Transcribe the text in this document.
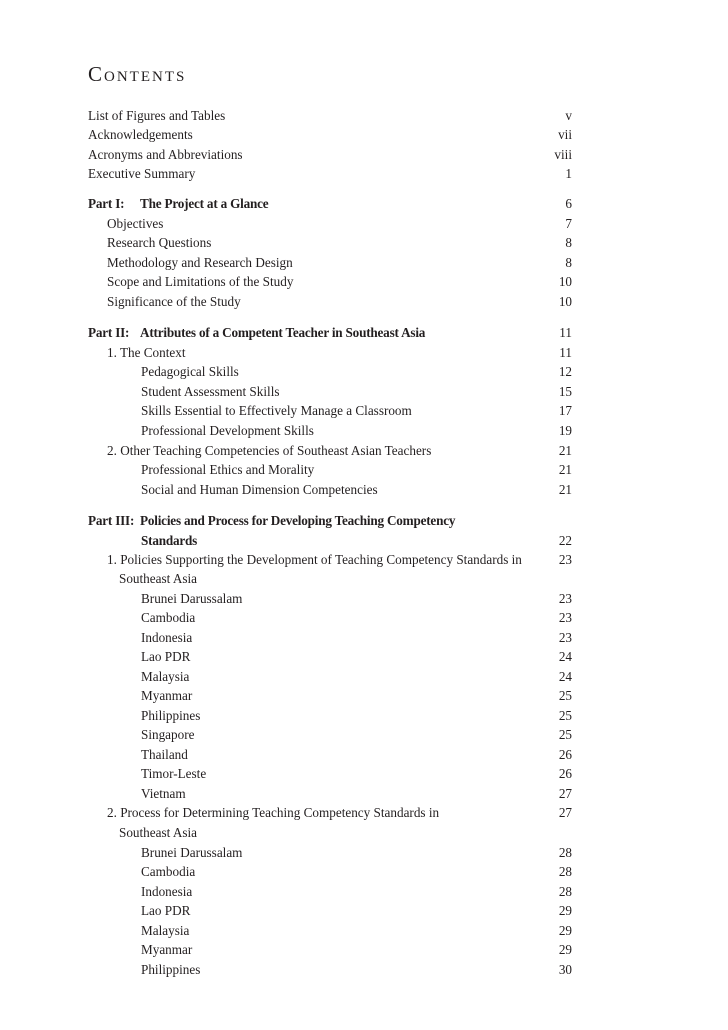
Contents
List of Figures and Tables	v
Acknowledgements	vii
Acronyms and Abbreviations	viii
Executive Summary	1
Part I: The Project at a Glance	6
Objectives	7
Research Questions	8
Methodology and Research Design	8
Scope and Limitations of the Study	10
Significance of the Study	10
Part II: Attributes of a Competent Teacher in Southeast Asia	11
1. The Context	11
Pedagogical Skills	12
Student Assessment Skills	15
Skills Essential to Effectively Manage a Classroom	17
Professional Development Skills	19
2. Other Teaching Competencies of Southeast Asian Teachers	21
Professional Ethics and Morality	21
Social and Human Dimension Competencies	21
Part III: Policies and Process for Developing Teaching Competency
Standards	22
1. Policies Supporting the Development of Teaching Competency Standards in	23
Southeast Asia
Brunei Darussalam	23
Cambodia	23
Indonesia	23
Lao PDR	24
Malaysia	24
Myanmar	25
Philippines	25
Singapore	25
Thailand	26
Timor-Leste	26
Vietnam	27
2. Process for Determining Teaching Competency Standards in	27
Southeast Asia
Brunei Darussalam	28
Cambodia	28
Indonesia	28
Lao PDR	29
Malaysia	29
Myanmar	29
Philippines	30
